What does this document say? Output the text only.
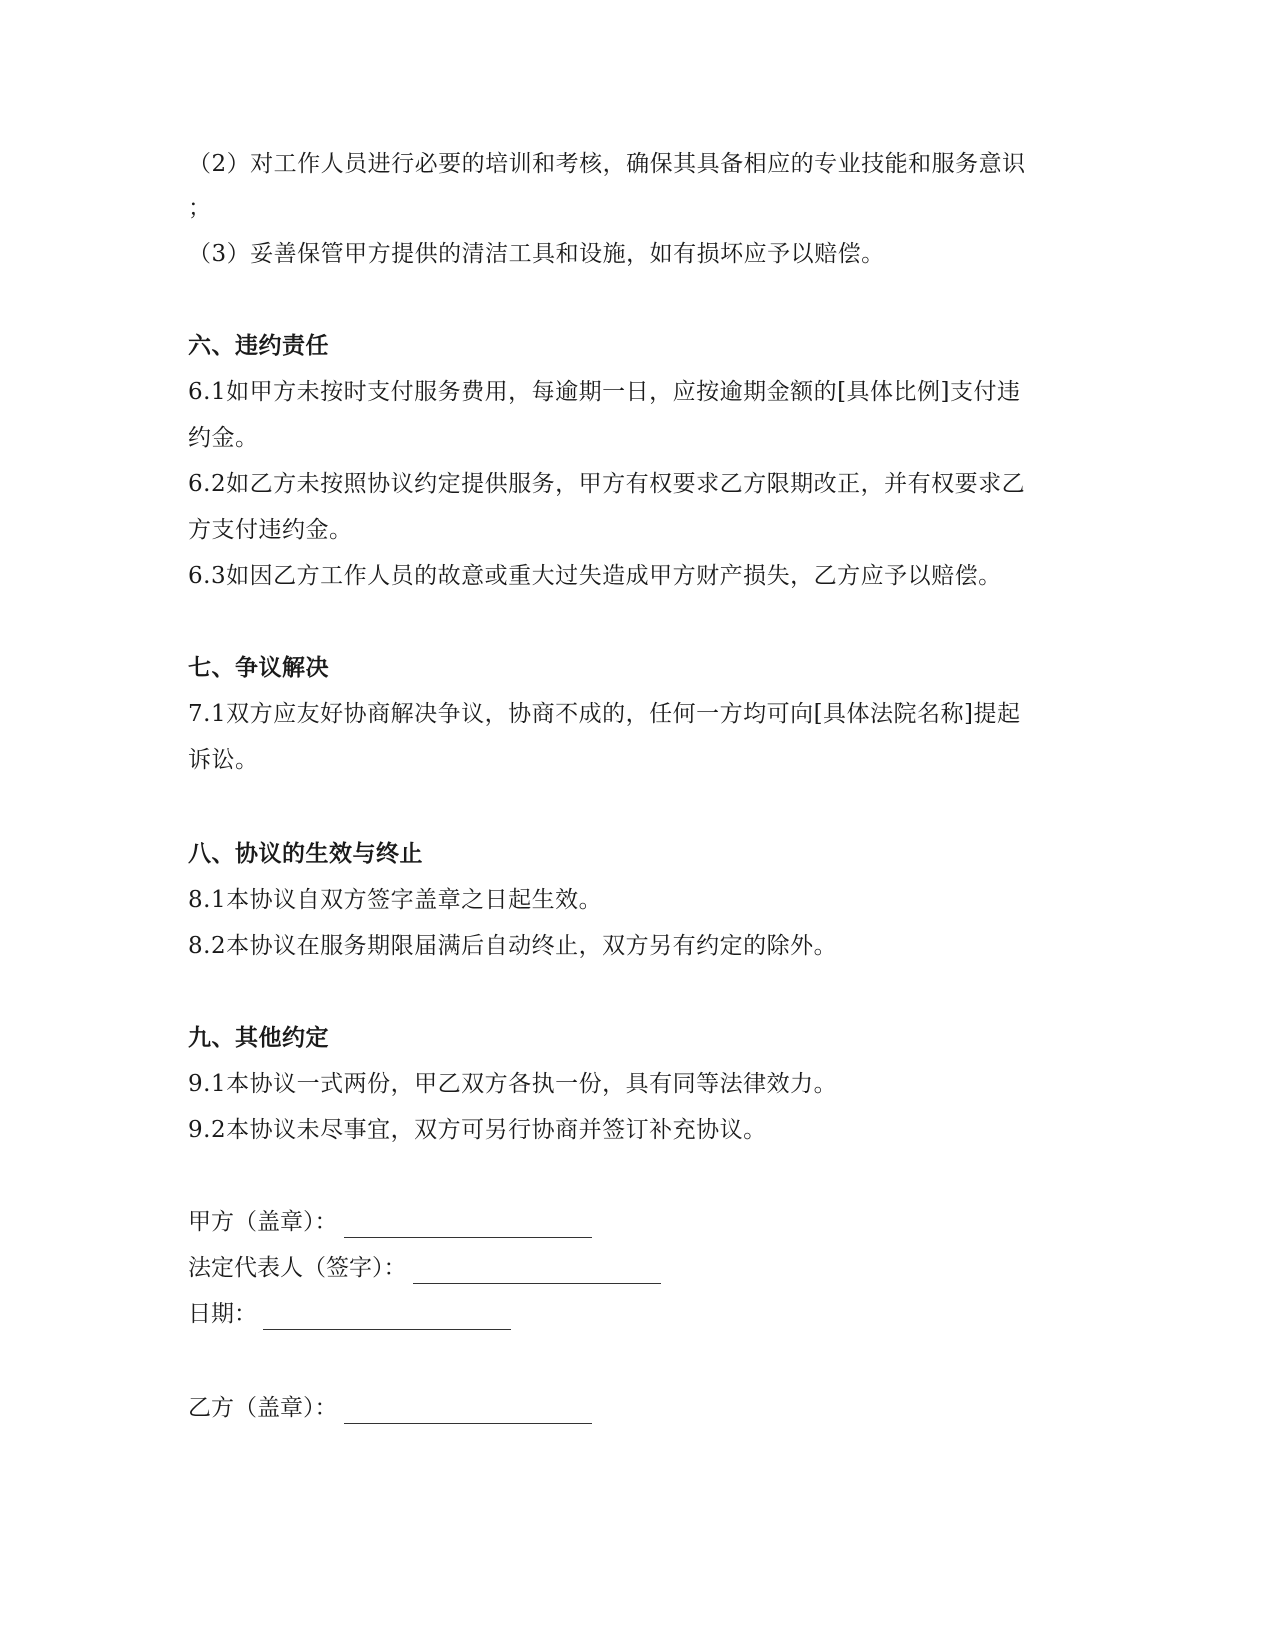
（2）对工作人员进行必要的培训和考核，确保其具备相应的专业技能和服务意识
；
（3）妥善保管甲方提供的清洁工具和设施，如有损坏应予以赔偿。
六、违约责任
6.1如甲方未按时支付服务费用，每逾期一日，应按逾期金额的[具体比例]支付违
约金。
6.2如乙方未按照协议约定提供服务，甲方有权要求乙方限期改正，并有权要求乙
方支付违约金。
6.3如因乙方工作人员的故意或重大过失造成甲方财产损失，乙方应予以赔偿。
七、争议解决
7.1双方应友好协商解决争议，协商不成的，任何一方均可向[具体法院名称]提起
诉讼。
八、协议的生效与终止
8.1本协议自双方签字盖章之日起生效。
8.2本协议在服务期限届满后自动终止，双方另有约定的除外。
九、其他约定
9.1本协议一式两份，甲乙双方各执一份，具有同等法律效力。
9.2本协议未尽事宜，双方可另行协商并签订补充协议。
甲方（盖章）：
法定代表人（签字）：
日期：
乙方（盖章）：
